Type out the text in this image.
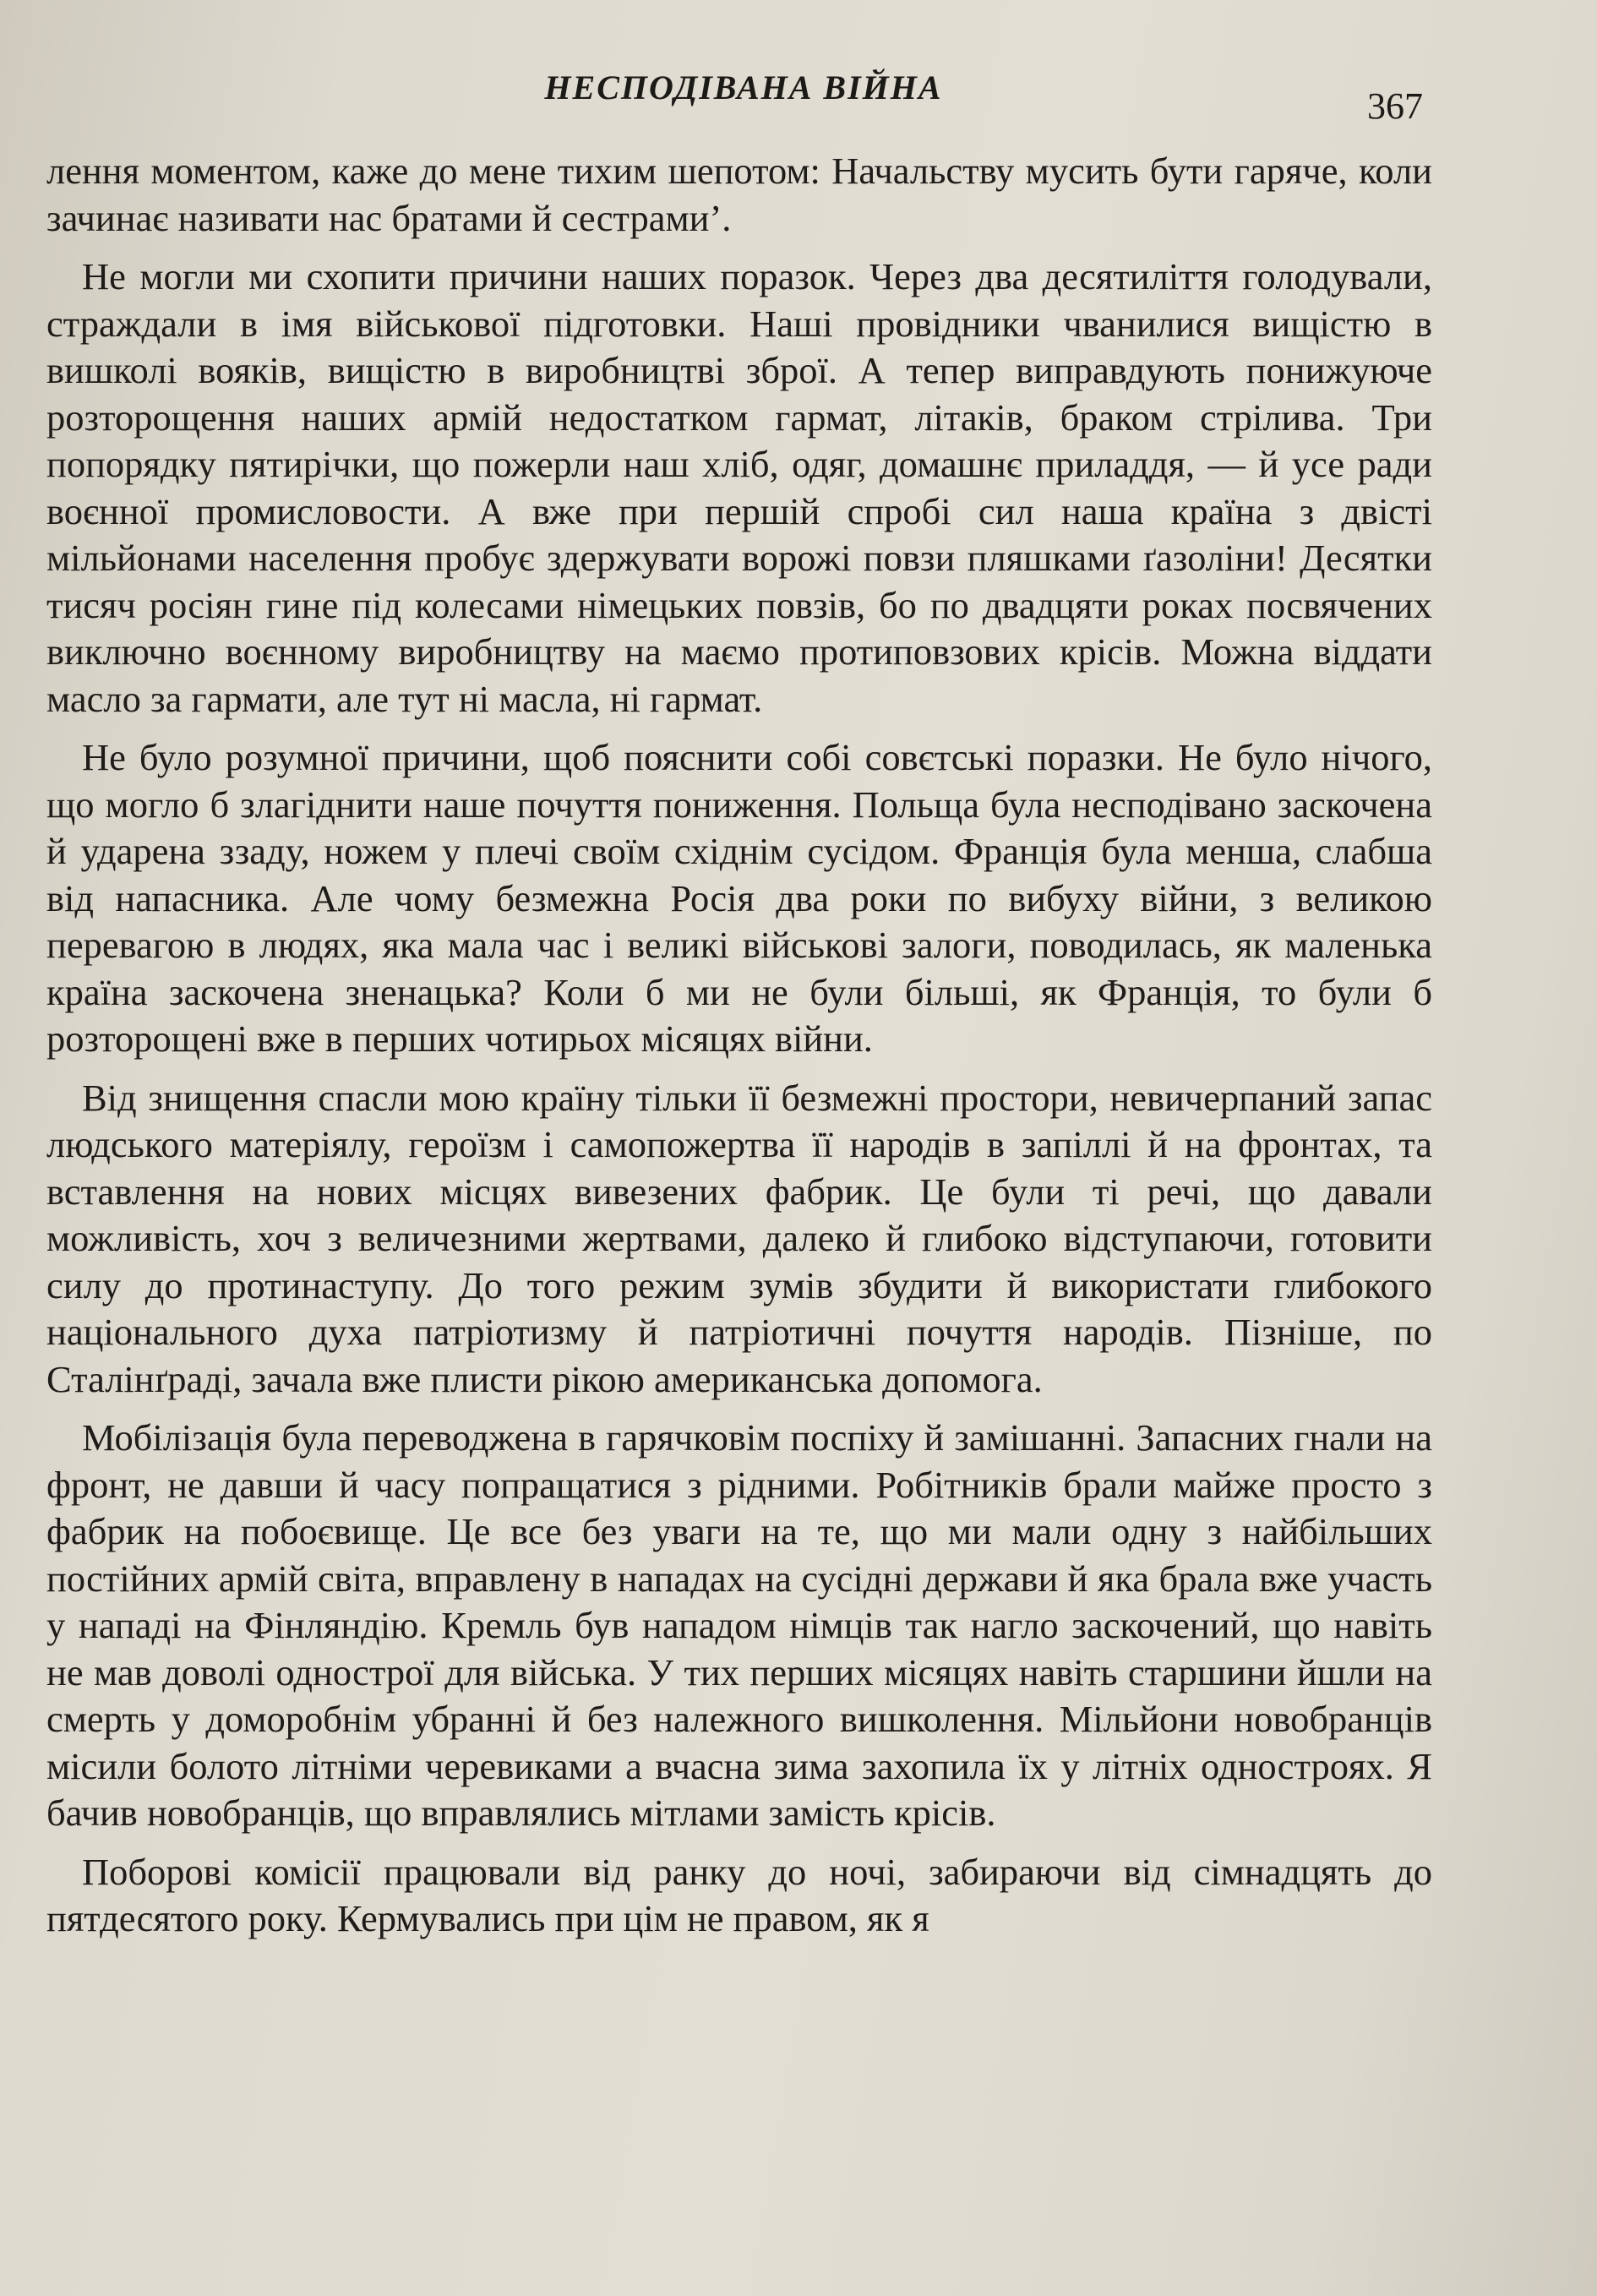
НЕСПОДІВАНА ВІЙНА	367

лення моментом, каже до мене тихим шепотом: Начальству мусить бути гаряче, коли зачинає називати нас братами й сестрами’.

Не могли ми схопити причини наших поразок. Через два десятиліття голодували, страждали в імя військової підготовки. Наші провідники чванилися вищістю в вишколі вояків, вищістю в виробництві зброї. А тепер виправдують понижуюче розторощення наших армій недостатком гармат, літаків, браком стрілива. Три попорядку пятирічки, що пожерли наш хліб, одяг, домашнє приладдя, — й усе ради воєнної промисловости. А вже при першій спробі сил наша країна з двісті мільйонами населення пробує здержувати ворожі повзи пляшками ґазоліни! Десятки тисяч росіян гине під колесами німецьких повзів, бо по двадцяти роках посвячених виключно воєнному виробництву на маємо протиповзових крісів. Можна віддати масло за гармати, але тут ні масла, ні гармат.

Не було розумної причини, щоб пояснити собі совєтські поразки. Не було нічого, що могло б злагіднити наше почуття пониження. Польща була несподівано заскочена й ударена ззаду, ножем у плечі своїм східнім сусідом. Франція була менша, слабша від напасника. Але чому безмежна Росія два роки по вибуху війни, з великою перевагою в людях, яка мала час і великі військові залоги, поводилась, як маленька країна заскочена зненацька? Коли б ми не були більші, як Франція, то були б розторощені вже в перших чотирьох місяцях війни.

Від знищення спасли мою країну тільки її безмежні простори, невичерпаний запас людського матеріялу, героїзм і самопожертва її народів в запіллі й на фронтах, та вставлення на нових місцях вивезених фабрик. Це були ті речі, що давали можливість, хоч з величезними жертвами, далеко й глибоко відступаючи, готовити силу до протинаступу. До того режим зумів збудити й використати глибокого національного духа патріотизму й патріотичні почуття народів. Пізніше, по Сталінґраді, зачала вже плисти рікою американська допомога.

Мобілізація була переводжена в гарячковім поспіху й замішанні. Запасних гнали на фронт, не давши й часу попращатися з рідними. Робітників брали майже просто з фабрик на побоєвище. Це все без уваги на те, що ми мали одну з найбільших постійних армій світа, вправлену в нападах на сусідні держави й яка брала вже участь у нападі на Фінляндію. Кремль був нападом німців так нагло заскочений, що навіть не мав доволі однострої для війська. У тих перших місяцях навіть старшини йшли на смерть у доморобнім убранні й без належного вишколення. Мільйони новобранців місили болото літніми черевиками а вчасна зима захопила їх у літніх однострoях. Я бачив новобранців, що вправлялись мітлами замість крісів.

Поборові комісії працювали від ранку до ночі, забираючи від сімнадцять до пятдесятого року. Кермувались при цім не правом, як я
